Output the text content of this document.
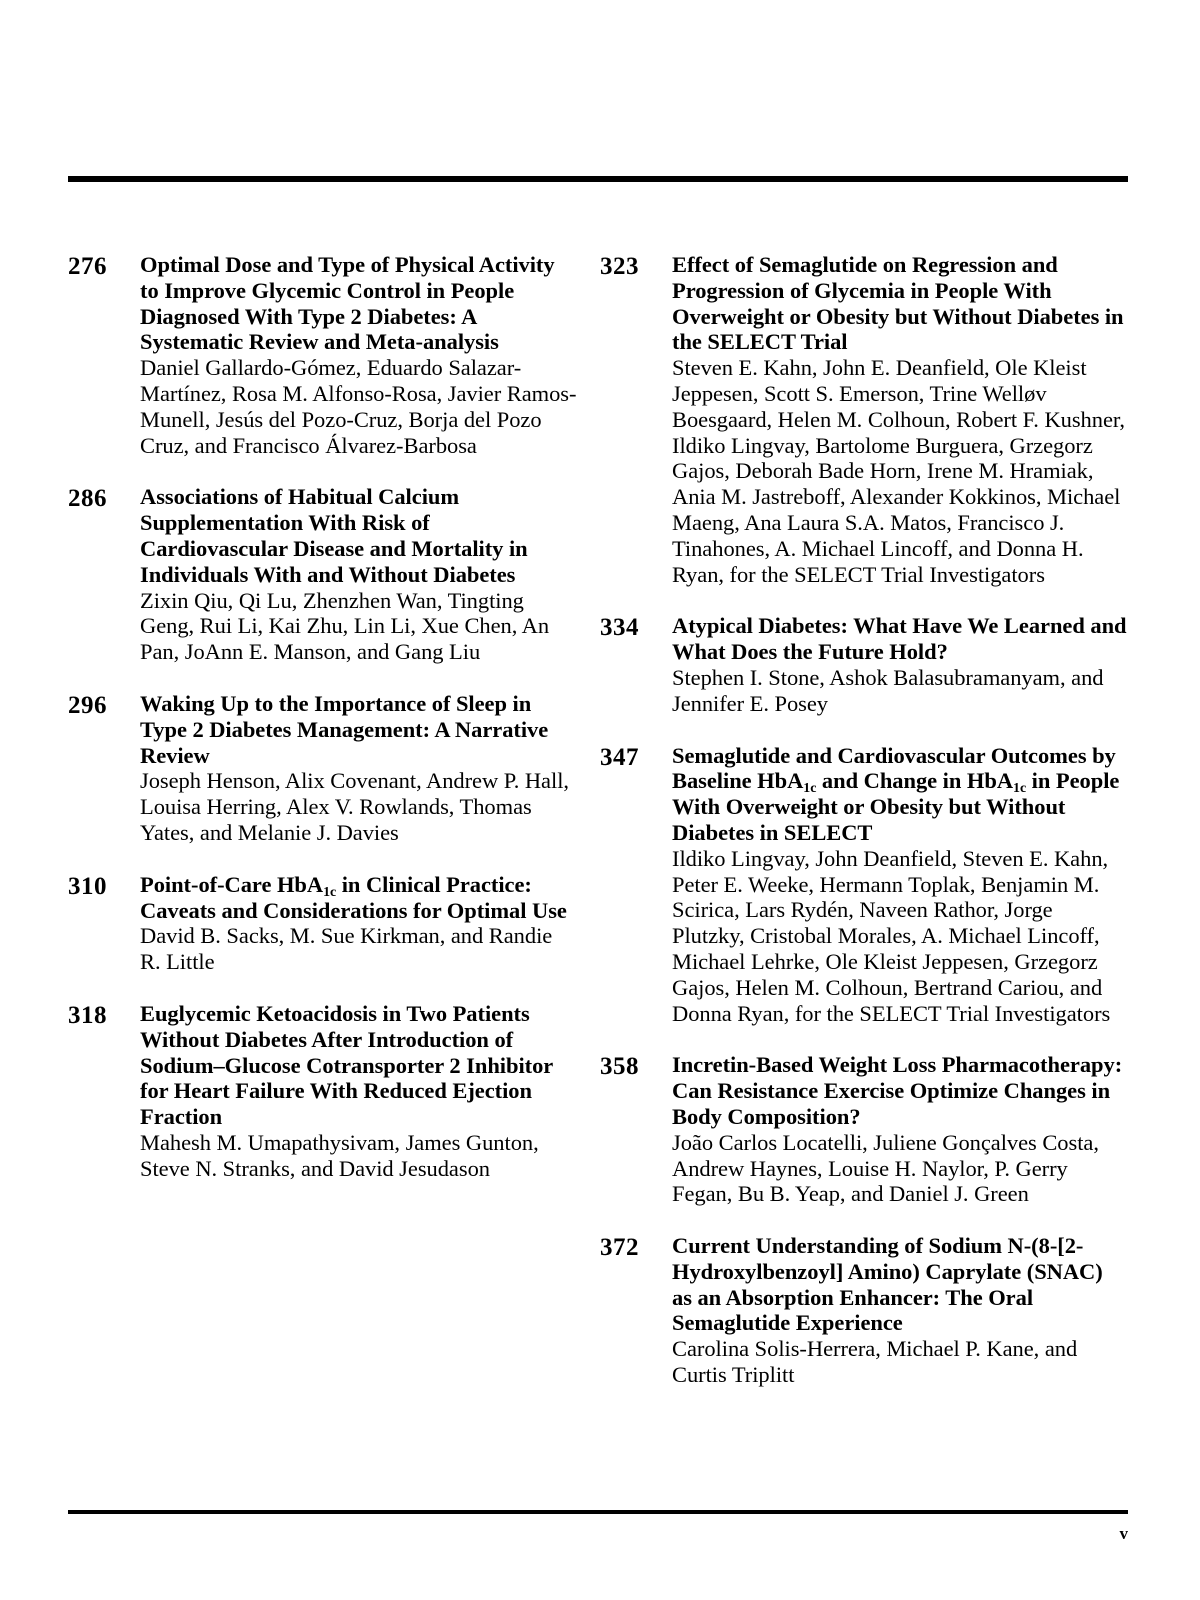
276 Optimal Dose and Type of Physical Activity to Improve Glycemic Control in People Diagnosed With Type 2 Diabetes: A Systematic Review and Meta-analysis
Daniel Gallardo-Gómez, Eduardo Salazar-Martínez, Rosa M. Alfonso-Rosa, Javier Ramos-Munell, Jesús del Pozo-Cruz, Borja del Pozo Cruz, and Francisco Álvarez-Barbosa
286 Associations of Habitual Calcium Supplementation With Risk of Cardiovascular Disease and Mortality in Individuals With and Without Diabetes
Zixin Qiu, Qi Lu, Zhenzhen Wan, Tingting Geng, Rui Li, Kai Zhu, Lin Li, Xue Chen, An Pan, JoAnn E. Manson, and Gang Liu
296 Waking Up to the Importance of Sleep in Type 2 Diabetes Management: A Narrative Review
Joseph Henson, Alix Covenant, Andrew P. Hall, Louisa Herring, Alex V. Rowlands, Thomas Yates, and Melanie J. Davies
310 Point-of-Care HbA$_{1c}$ in Clinical Practice: Caveats and Considerations for Optimal Use
David B. Sacks, M. Sue Kirkman, and Randie R. Little
318 Euglycemic Ketoacidosis in Two Patients Without Diabetes After Introduction of Sodium–Glucose Cotransporter 2 Inhibitor for Heart Failure With Reduced Ejection Fraction
Mahesh M. Umapathysivam, James Gunton, Steve N. Stranks, and David Jesudason
323 Effect of Semaglutide on Regression and Progression of Glycemia in People With Overweight or Obesity but Without Diabetes in the SELECT Trial
Steven E. Kahn, John E. Deanfield, Ole Kleist Jeppesen, Scott S. Emerson, Trine Welløv Boesgaard, Helen M. Colhoun, Robert F. Kushner, Ildiko Lingvay, Bartolome Burguera, Grzegorz Gajos, Deborah Bade Horn, Irene M. Hramiak, Ania M. Jastreboff, Alexander Kokkinos, Michael Maeng, Ana Laura S.A. Matos, Francisco J. Tinahones, A. Michael Lincoff, and Donna H. Ryan, for the SELECT Trial Investigators
334 Atypical Diabetes: What Have We Learned and What Does the Future Hold?
Stephen I. Stone, Ashok Balasubramanyam, and Jennifer E. Posey
347 Semaglutide and Cardiovascular Outcomes by Baseline HbA$_{1c}$ and Change in HbA$_{1c}$ in People With Overweight or Obesity but Without Diabetes in SELECT
Ildiko Lingvay, John Deanfield, Steven E. Kahn, Peter E. Weeke, Hermann Toplak, Benjamin M. Scirica, Lars Rydén, Naveen Rathor, Jorge Plutzky, Cristobal Morales, A. Michael Lincoff, Michael Lehrke, Ole Kleist Jeppesen, Grzegorz Gajos, Helen M. Colhoun, Bertrand Cariou, and Donna Ryan, for the SELECT Trial Investigators
358 Incretin-Based Weight Loss Pharmacotherapy: Can Resistance Exercise Optimize Changes in Body Composition?
João Carlos Locatelli, Juliene Gonçalves Costa, Andrew Haynes, Louise H. Naylor, P. Gerry Fegan, Bu B. Yeap, and Daniel J. Green
372 Current Understanding of Sodium N-(8-[2-Hydroxylbenzoyl] Amino) Caprylate (SNAC) as an Absorption Enhancer: The Oral Semaglutide Experience
Carolina Solis-Herrera, Michael P. Kane, and Curtis Triplitt
v
